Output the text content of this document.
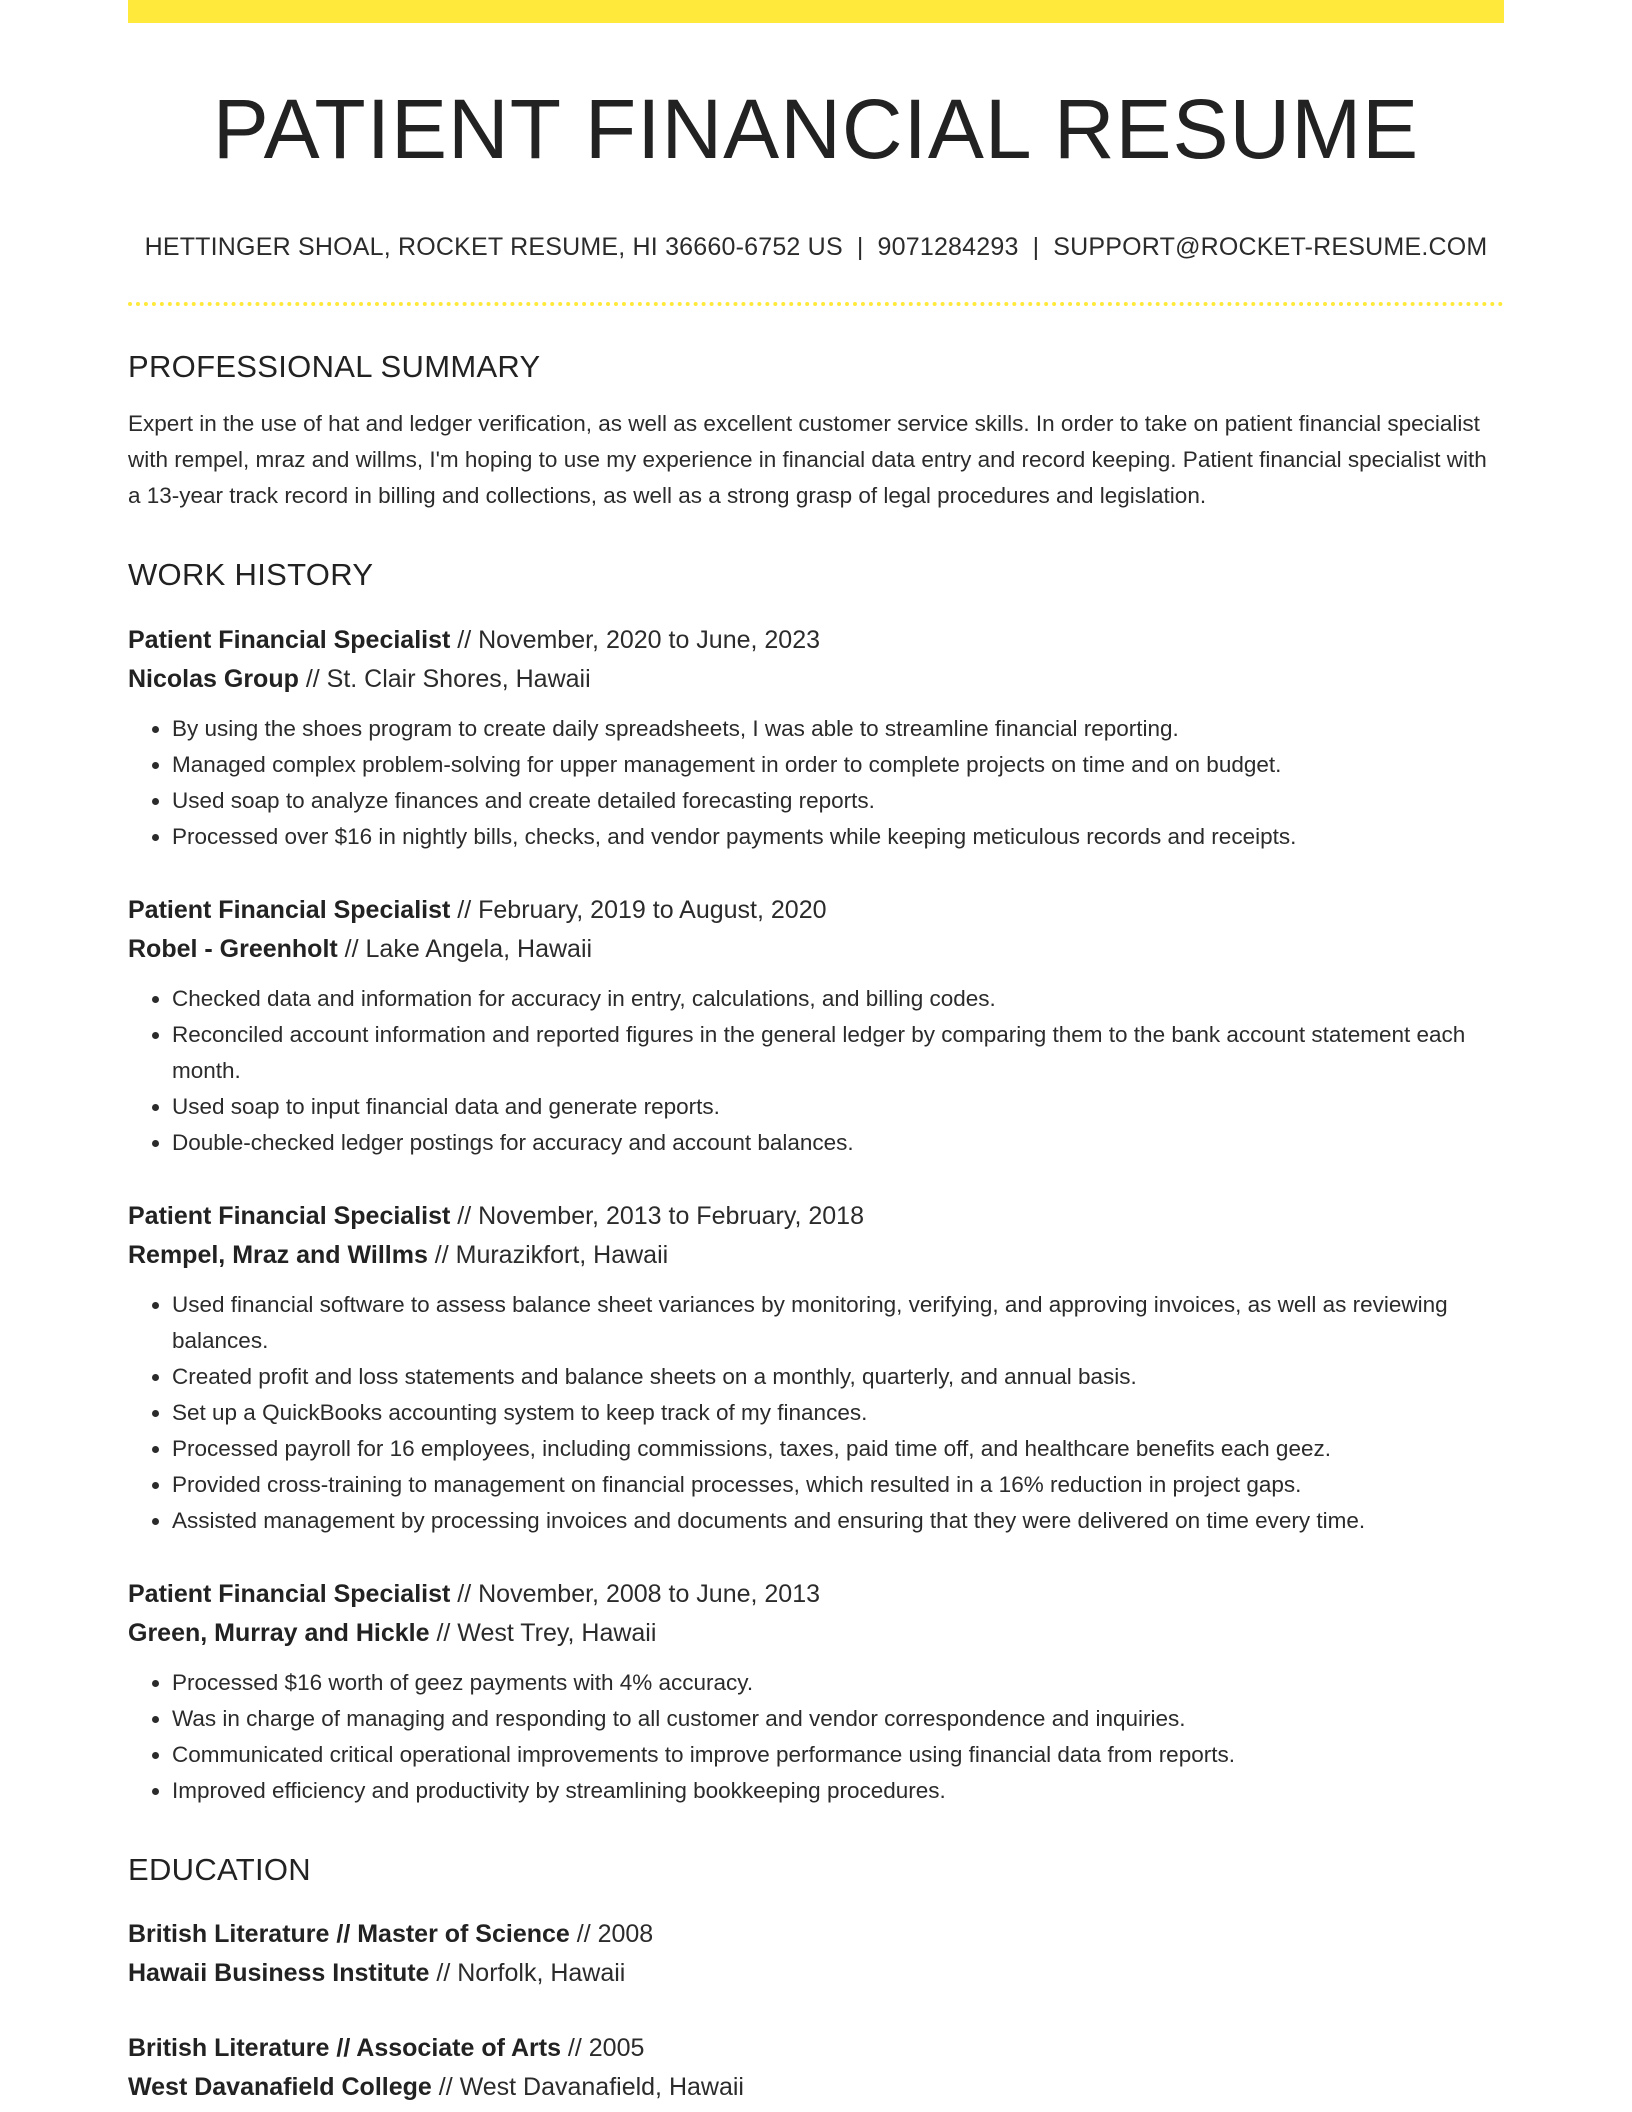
PATIENT FINANCIAL RESUME
HETTINGER SHOAL, ROCKET RESUME, HI 36660-6752 US | 9071284293 | SUPPORT@ROCKET-RESUME.COM
PROFESSIONAL SUMMARY

Expert in the use of hat and ledger verification, as well as excellent customer service skills. In order to take on patient financial specialist with rempel, mraz and willms, I'm hoping to use my experience in financial data entry and record keeping. Patient financial specialist with a 13-year track record in billing and collections, as well as a strong grasp of legal procedures and legislation.

WORK HISTORY
Patient Financial Specialist // November, 2020 to June, 2023
Nicolas Group // St. Clair Shores, Hawaii
• By using the shoes program to create daily spreadsheets, I was able to streamline financial reporting.
• Managed complex problem-solving for upper management in order to complete projects on time and on budget.
• Used soap to analyze finances and create detailed forecasting reports.
• Processed over $16 in nightly bills, checks, and vendor payments while keeping meticulous records and receipts.
Patient Financial Specialist // February, 2019 to August, 2020
Robel - Greenholt // Lake Angela, Hawaii
• Checked data and information for accuracy in entry, calculations, and billing codes.
• Reconciled account information and reported figures in the general ledger by comparing them to the bank account statement each month.
• Used soap to input financial data and generate reports.
• Double-checked ledger postings for accuracy and account balances.
Patient Financial Specialist // November, 2013 to February, 2018
Rempel, Mraz and Willms // Murazikfort, Hawaii
• Used financial software to assess balance sheet variances by monitoring, verifying, and approving invoices, as well as reviewing balances.
• Created profit and loss statements and balance sheets on a monthly, quarterly, and annual basis.
• Set up a QuickBooks accounting system to keep track of my finances.
• Processed payroll for 16 employees, including commissions, taxes, paid time off, and healthcare benefits each geez.
• Provided cross-training to management on financial processes, which resulted in a 16% reduction in project gaps.
• Assisted management by processing invoices and documents and ensuring that they were delivered on time every time.
Patient Financial Specialist // November, 2008 to June, 2013
Green, Murray and Hickle // West Trey, Hawaii
• Processed $16 worth of geez payments with 4% accuracy.
• Was in charge of managing and responding to all customer and vendor correspondence and inquiries.
• Communicated critical operational improvements to improve performance using financial data from reports.
• Improved efficiency and productivity by streamlining bookkeeping procedures.
EDUCATION
British Literature // Master of Science // 2008
Hawaii Business Institute // Norfolk, Hawaii
British Literature // Associate of Arts // 2005
West Davanafield College // West Davanafield, Hawaii
